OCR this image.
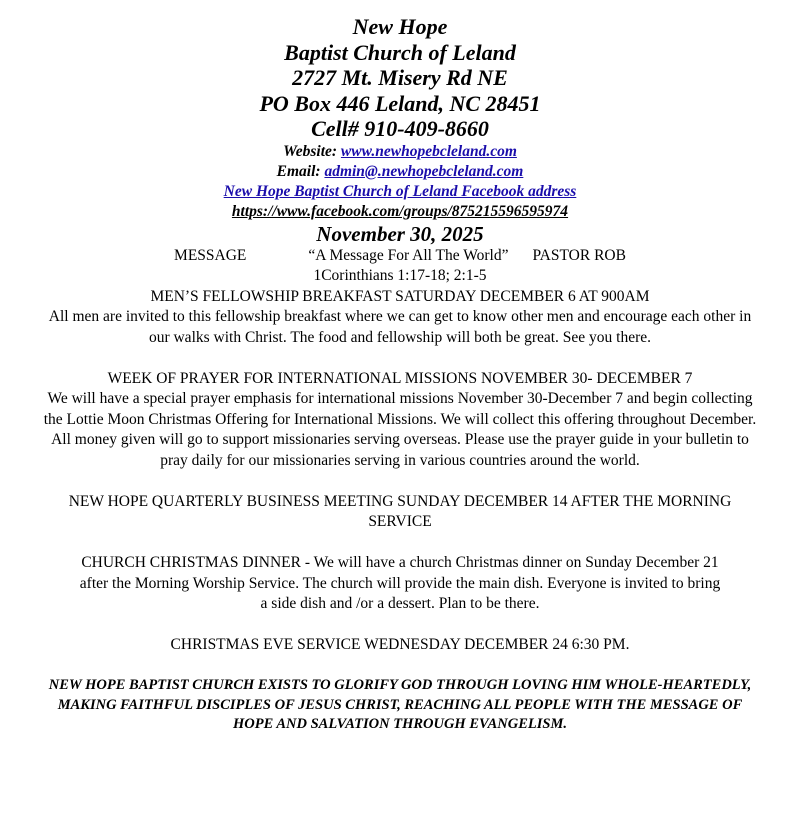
New Hope

Baptist Church of Leland

2727 Mt. Misery Rd NE

PO Box 446 Leland, NC 28451

Cell# 910-409-8660

Website: www.newhopebcleland.com

Email: admin@.newhopebcleland.com

New Hope Baptist Church of Leland Facebook address

https://www.facebook.com/groups/875215596595974

November 30, 2025

MESSAGE	“A Message For All The World” PASTOR ROB

1Corinthians 1:17-18; 2:1-5

MEN’S FELLOWSHIP BREAKFAST SATURDAY DECEMBER 6 AT 900AM

All men are invited to this fellowship breakfast where we can get to know other men and encourage each other in our walks with Christ. The food and fellowship will both be great. See you there.

WEEK OF PRAYER FOR INTERNATIONAL MISSIONS NOVEMBER 30- DECEMBER 7

We will have a special prayer emphasis for international missions November 30-December 7 and begin collecting the Lottie Moon Christmas Offering for International Missions. We will collect this offering throughout December. All money given will go to support missionaries serving overseas. Please use the prayer guide in your bulletin to pray daily for our missionaries serving in various countries around the world.

NEW HOPE QUARTERLY BUSINESS MEETING SUNDAY DECEMBER 14 AFTER THE MORNING SERVICE

CHURCH CHRISTMAS DINNER - We will have a church Christmas dinner on Sunday December 21 after the Morning Worship Service. The church will provide the main dish. Everyone is invited to bring a side dish and /or a dessert. Plan to be there.

CHRISTMAS EVE SERVICE WEDNESDAY DECEMBER 24 6:30 PM.

NEW HOPE BAPTIST CHURCH EXISTS TO GLORIFY GOD THROUGH LOVING HIM WHOLE-HEARTEDLY, MAKING FAITHFUL DISCIPLES OF JESUS CHRIST, REACHING ALL PEOPLE WITH THE MESSAGE OF HOPE AND SALVATION THROUGH EVANGELISM.
